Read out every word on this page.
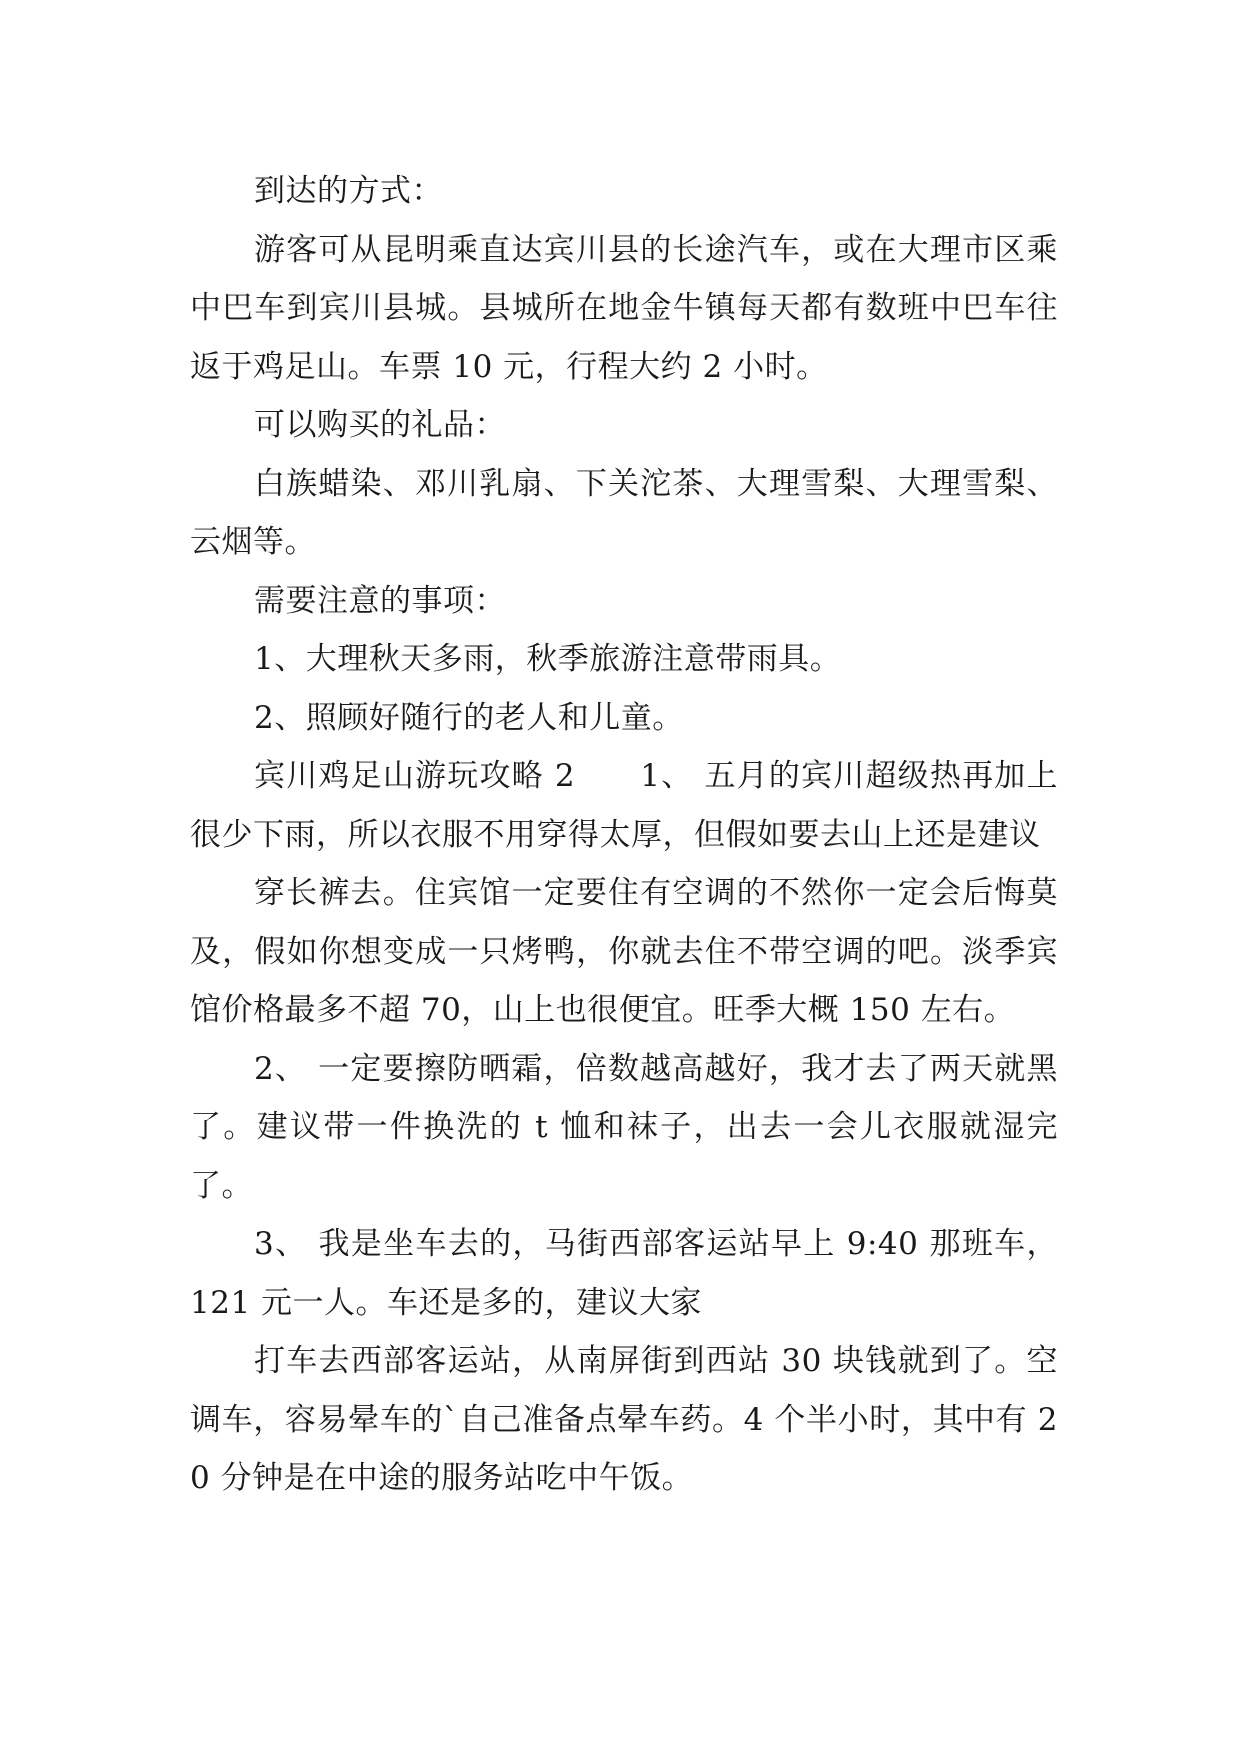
到达的方式：

游客可从昆明乘直达宾川县的长途汽车，或在大理市区乘中巴车到宾川县城。县城所在地金牛镇每天都有数班中巴车往返于鸡足山。车票 10 元，行程大约 2 小时。

可以购买的礼品：

白族蜡染、邓川乳扇、下关沱茶、大理雪梨、大理雪梨、云烟等。

需要注意的事项：

1、大理秋天多雨，秋季旅游注意带雨具。

2、照顾好随行的老人和儿童。

宾川鸡足山游玩攻略 2　　1、 五月的宾川超级热再加上很少下雨，所以衣服不用穿得太厚，但假如要去山上还是建议

穿长裤去。住宾馆一定要住有空调的不然你一定会后悔莫及，假如你想变成一只烤鸭，你就去住不带空调的吧。淡季宾馆价格最多不超 70，山上也很便宜。旺季大概 150 左右。

2、 一定要擦防晒霜，倍数越高越好，我才去了两天就黑了。建议带一件换洗的 t 恤和袜子，出去一会儿衣服就湿完了。

3、 我是坐车去的，马街西部客运站早上 9:40 那班车，121 元一人。车还是多的，建议大家

打车去西部客运站，从南屏街到西站 30 块钱就到了。空调车，容易晕车的`自己准备点晕车药。4 个半小时，其中有 20 分钟是在中途的服务站吃中午饭。
